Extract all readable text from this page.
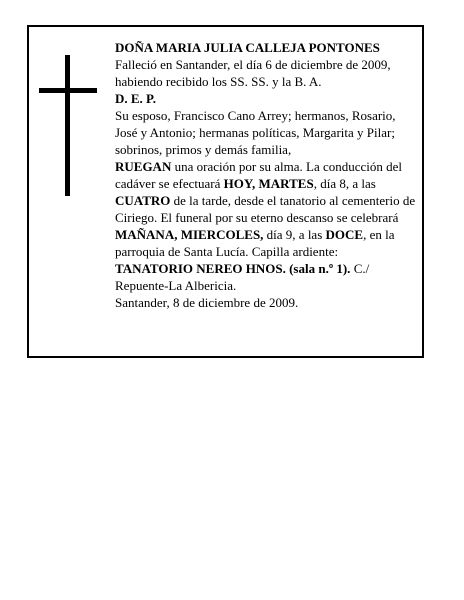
DOÑA MARIA JULIA CALLEJA PONTONES

Falleció en Santander, el día 6 de diciembre de 2009, habiendo recibido los SS. SS. y la B. A.

D. E. P.

Su esposo, Francisco Cano Arrey; hermanos, Rosario, José y Antonio; hermanas políticas, Margarita y Pilar; sobrinos, primos y demás familia,

RUEGAN una oración por su alma. La conducción del cadáver se efectuará HOY, MARTES, día 8, a las CUATRO de la tarde, desde el tanatorio al cementerio de Ciriego. El funeral por su eterno descanso se celebrará MAÑANA, MIERCOLES, día 9, a las DOCE, en la parroquia de Santa Lucía. Capilla ardiente: TANATORIO NEREO HNOS. (sala n.º 1). C./ Repuente-La Albericia.

Santander, 8 de diciembre de 2009.
